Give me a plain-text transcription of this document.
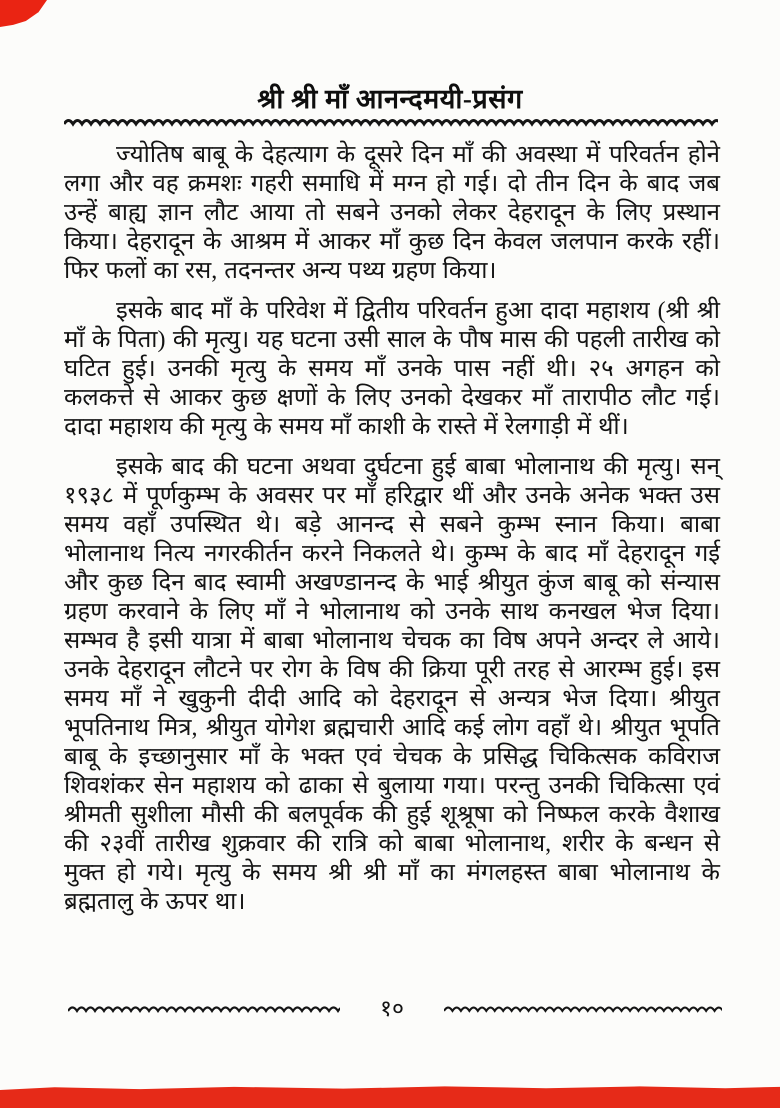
श्री श्री माँ आनन्दमयी-प्रसंग

ज्योतिष बाबू के देहत्याग के दूसरे दिन माँ की अवस्था में परिवर्तन होने लगा और वह क्रमशः गहरी समाधि में मग्न हो गई। दो तीन दिन के बाद जब उन्हें बाह्य ज्ञान लौट आया तो सबने उनको लेकर देहरादून के लिए प्रस्थान किया। देहरादून के आश्रम में आकर माँ कुछ दिन केवल जलपान करके रहीं। फिर फलों का रस, तदनन्तर अन्य पथ्य ग्रहण किया।

इसके बाद माँ के परिवेश में द्वितीय परिवर्तन हुआ दादा महाशय (श्री श्री माँ के पिता) की मृत्यु। यह घटना उसी साल के पौष मास की पहली तारीख को घटित हुई। उनकी मृत्यु के समय माँ उनके पास नहीं थी। २५ अगहन को कलकत्ते से आकर कुछ क्षणों के लिए उनको देखकर माँ तारापीठ लौट गई। दादा महाशय की मृत्यु के समय माँ काशी के रास्ते में रेलगाड़ी में थीं।

इसके बाद की घटना अथवा दुर्घटना हुई बाबा भोलानाथ की मृत्यु। सन् १९३८ में पूर्णकुम्भ के अवसर पर माँ हरिद्वार थीं और उनके अनेक भक्त उस समय वहाँ उपस्थित थे। बड़े आनन्द से सबने कुम्भ स्नान किया। बाबा भोलानाथ नित्य नगरकीर्तन करने निकलते थे। कुम्भ के बाद माँ देहरादून गई और कुछ दिन बाद स्वामी अखण्डानन्द के भाई श्रीयुत कुंज बाबू को संन्यास ग्रहण करवाने के लिए माँ ने भोलानाथ को उनके साथ कनखल भेज दिया। सम्भव है इसी यात्रा में बाबा भोलानाथ चेचक का विष अपने अन्दर ले आये। उनके देहरादून लौटने पर रोग के विष की क्रिया पूरी तरह से आरम्भ हुई। इस समय माँ ने खुकुनी दीदी आदि को देहरादून से अन्यत्र भेज दिया। श्रीयुत भूपतिनाथ मित्र, श्रीयुत योगेश ब्रह्मचारी आदि कई लोग वहाँ थे। श्रीयुत भूपति बाबू के इच्छानुसार माँ के भक्त एवं चेचक के प्रसिद्ध चिकित्सक कविराज शिवशंकर सेन महाशय को ढाका से बुलाया गया। परन्तु उनकी चिकित्सा एवं श्रीमती सुशीला मौसी की बलपूर्वक की हुई शूश्रूषा को निष्फल करके वैशाख की २३वीं तारीख शुक्रवार की रात्रि को बाबा भोलानाथ, शरीर के बन्धन से मुक्त हो गये। मृत्यु के समय श्री श्री माँ का मंगलहस्त बाबा भोलानाथ के ब्रह्मतालु के ऊपर था।

१०
